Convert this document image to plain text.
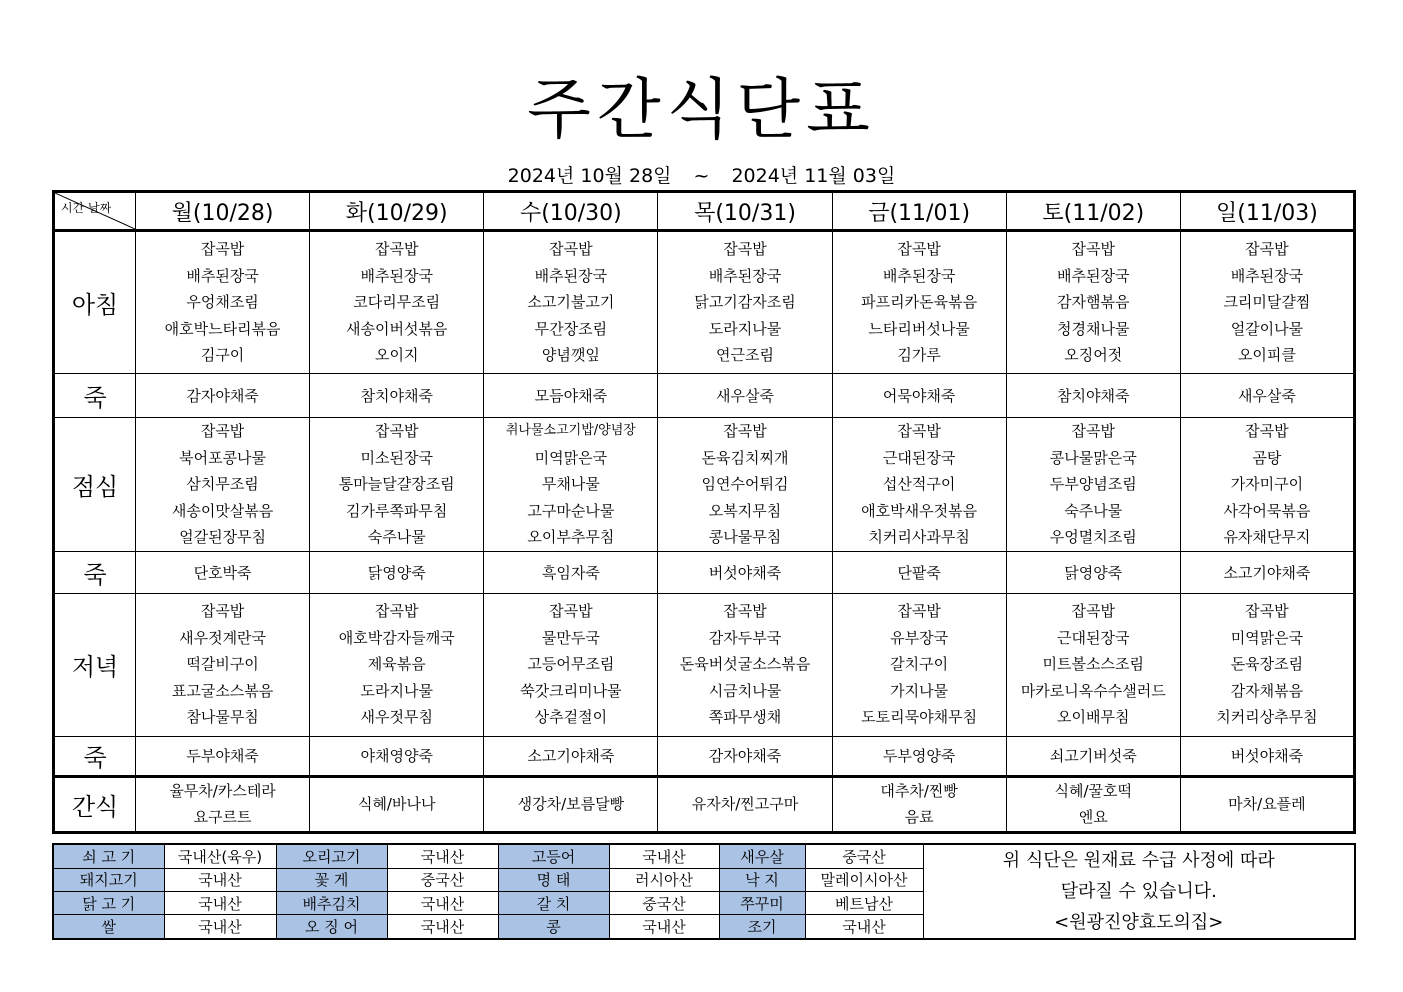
주간식단표
2024년 10월 28일 ~ 2024년 11월 03일
시간 날짜	월(10/28)	화(10/29)	수(10/30)	목(10/31)	금(11/01)	토(11/02)	일(11/03)
아침	잡곡밥
배추된장국
우엉채조림
애호박느타리볶음
김구이	잡곡밥
배추된장국
코다리무조림
새송이버섯볶음
오이지	잡곡밥
배추된장국
소고기불고기
무간장조림
양념깻잎	잡곡밥
배추된장국
닭고기감자조림
도라지나물
연근조림	잡곡밥
배추된장국
파프리카돈육볶음
느타리버섯나물
김가루	잡곡밥
배추된장국
감자햄볶음
청경채나물
오징어젓	잡곡밥
배추된장국
크리미달걀찜
얼갈이나물
오이피클

죽	감자야채죽	참치야채죽	모듬야채죽	새우살죽	어묵야채죽	참치야채죽	새우살죽
점심	잡곡밥
북어포콩나물
삼치무조림
새송이맛살볶음
얼갈된장무침	잡곡밥
미소된장국
통마늘달걀장조림
김가루쪽파무침
숙주나물	취나물소고기밥/양념장
미역맑은국
무채나물
고구마순나물
오이부추무침	잡곡밥
돈육김치찌개
임연수어튀김
오복지무침
콩나물무침	잡곡밥
근대된장국
섭산적구이
애호박새우젓볶음
치커리사과무침	잡곡밥
콩나물맑은국
두부양념조림
숙주나물
우엉멸치조림	잡곡밥
곰탕
가자미구이
사각어묵볶음
유자채단무지

죽	단호박죽	닭영양죽	흑임자죽	버섯야채죽	단팥죽	닭영양죽	소고기야채죽
저녁	잡곡밥
새우젓계란국
떡갈비구이
표고굴소스볶음
참나물무침	잡곡밥
애호박감자들깨국
제육볶음
도라지나물
새우젓무침	잡곡밥
물만두국
고등어무조림
쑥갓크리미나물
상추겉절이	잡곡밥
감자두부국
돈육버섯굴소스볶음
시금치나물
쪽파무생채	잡곡밥
유부장국
갈치구이
가지나물
도토리묵야채무침	잡곡밥
근대된장국
미트볼소스조림
마카로니옥수수샐러드
오이배무침	잡곡밥
미역맑은국
돈육장조림
감자채볶음
치커리상추무침

죽	두부야채죽	야채영양죽	소고기야채죽	감자야채죽	두부영양죽	쇠고기버섯죽	버섯야채죽
간식	율무차/카스테라
요구르트	식혜/바나나	생강차/보름달빵	유자차/찐고구마	대추차/찐빵
음료	식혜/꿀호떡
엔요	마차/요플레
쇠 고 기	국내산(육우)	오리고기	국내산	고등어	국내산	새우살	중국산	위 식단은 원재료 수급 사정에 따라
달라질 수 있습니다.
<원광진양효도의집>

돼지고기	국내산	꽃 게	중국산	명 태	러시아산	낙 지	말레이시아산	
닭 고 기	국내산	배추김치	국내산	갈 치	중국산	쭈꾸미	베트남산	
쌀	국내산	오 징 어	국내산	콩	국내산	조기	국내산	
